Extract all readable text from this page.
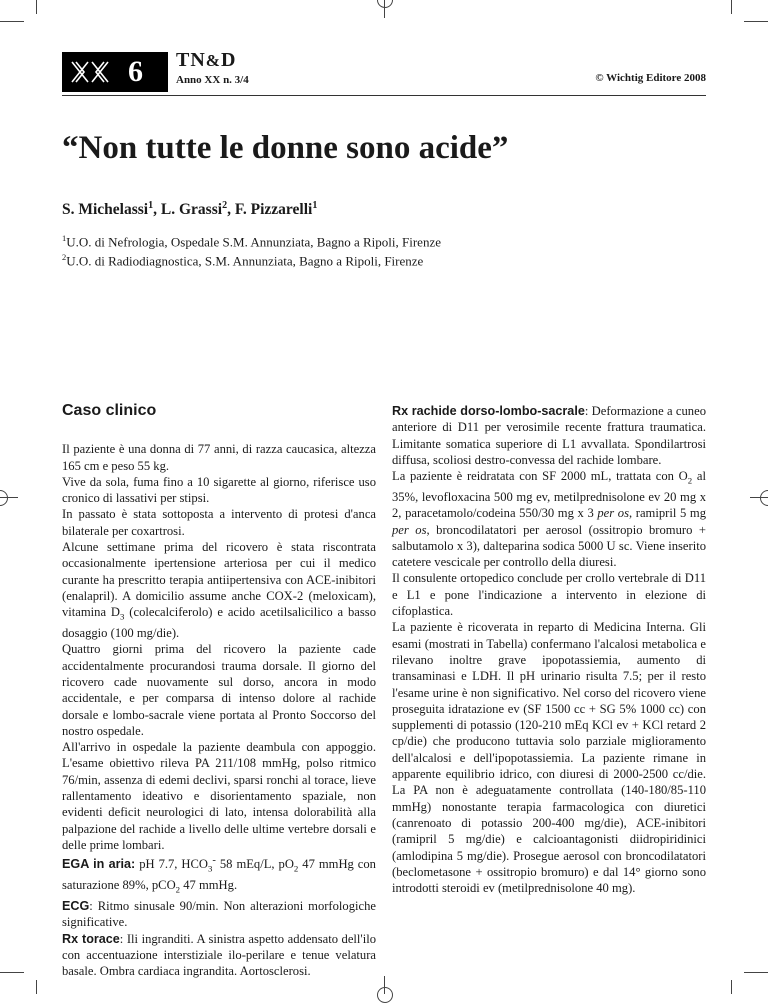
6 TN&D
Anno XX n. 3/4	© Wichtig Editore 2008
“Non tutte le donne sono acide”
S. Michelassi$^1$, L. Grassi$^2$, F. Pizzarelli$^1$
$^1$U.O. di Nefrologia, Ospedale S.M. Annunziata, Bagno a Ripoli, Firenze
$^2$U.O. di Radiodiagnostica, S.M. Annunziata, Bagno a Ripoli, Firenze
Caso clinico

Il paziente è una donna di 77 anni, di razza caucasica, altezza 165 cm e peso 55 kg.

Vive da sola, fuma fino a 10 sigarette al giorno, riferisce uso cronico di lassativi per stipsi.

In passato è stata sottoposta a intervento di protesi d'anca bilaterale per coxartrosi.

Alcune settimane prima del ricovero è stata riscontrata occasionalmente ipertensione arteriosa per cui il medico curante ha prescritto terapia antiipertensiva con ACE-inibitori (enalapril). A domicilio assume anche COX-2 (meloxicam), vitamina $D_3$ (colecalciferolo) e acido acetilsalicilico a basso dosaggio (100 mg/die).

Quattro giorni prima del ricovero la paziente cade accidentalmente procurandosi trauma dorsale. Il giorno del ricovero cade nuovamente sul dorso, ancora in modo accidentale, e per comparsa di intenso dolore al rachide dorsale e lombo-sacrale viene portata al Pronto Soccorso del nostro ospedale.

All'arrivo in ospedale la paziente deambula con appoggio. L'esame obiettivo rileva PA 211/108 mmHg, polso ritmico 76/min, assenza di edemi declivi, sparsi ronchi al torace, lieve rallentamento ideativo e disorientamento spaziale, non evidenti deficit neurologici di lato, intensa dolorabilità alla palpazione del rachide a livello delle ultime vertebre dorsali e delle prime lombari.

EGA in aria: pH 7.7, $HCO_3^-$ 58 mEq/L, $pO_2$ 47 mmHg con saturazione 89%, pCO$_2$ 47 mmHg.

ECG: Ritmo sinusale 90/min. Non alterazioni morfologiche significative.

Rx torace: Ili ingranditi. A sinistra aspetto addensato dell'ilo con accentuazione interstiziale ilo-perilare e tenue velatura basale. Ombra cardiaca ingrandita. Aortosclerosi.

Rx rachide dorso-lombo-sacrale: Deformazione a cuneo anteriore di D11 per verosimile recente frattura traumatica. Limitante somatica superiore di L1 avvallata. Spondilartrosi diffusa, scoliosi destro-convessa del rachide lombare.

La paziente è reidratata con SF 2000 mL, trattata con $O_2$ al 35%, levofloxacina 500 mg ev, metilprednisolone ev 20 mg x 2, paracetamolo/codeina 550/30 mg x 3 per os, ramipril 5 mg per os, broncodilatatori per aerosol (ossitropio bromuro + salbutamolo x 3), dalteparina sodica 5000 U sc. Viene inserito catetere vescicale per controllo della diuresi.

Il consulente ortopedico conclude per crollo vertebrale di D11 e L1 e pone l'indicazione a intervento in elezione di cifoplastica.

La paziente è ricoverata in reparto di Medicina Interna. Gli esami (mostrati in Tabella) confermano l'alcalosi metabolica e rilevano inoltre grave ipopotassiemia, aumento di transaminasi e LDH. Il pH urinario risulta 7.5; per il resto l'esame urine è non significativo. Nel corso del ricovero viene proseguita idratazione ev (SF 1500 cc + SG 5% 1000 cc) con supplementi di potassio (120-210 mEq KCl ev + KCl retard 2 cp/die) che producono tuttavia solo parziale miglioramento dell'alcalosi e dell'ipopotassiemia. La paziente rimane in apparente equilibrio idrico, con diuresi di 2000-2500 cc/die. La PA non è adeguatamente controllata (140-180/85-110 mmHg) nonostante terapia farmacologica con diuretici (canrenoato di potassio 200-400 mg/die), ACE-inibitori (ramipril 5 mg/die) e calcioantagonisti diidropiridinici (amlodipina 5 mg/die). Prosegue aerosol con broncodilatatori (beclometasone + ossitropio bromuro) e dal 14° giorno sono introdotti steroidi ev (metilprednisolone 40 mg).
